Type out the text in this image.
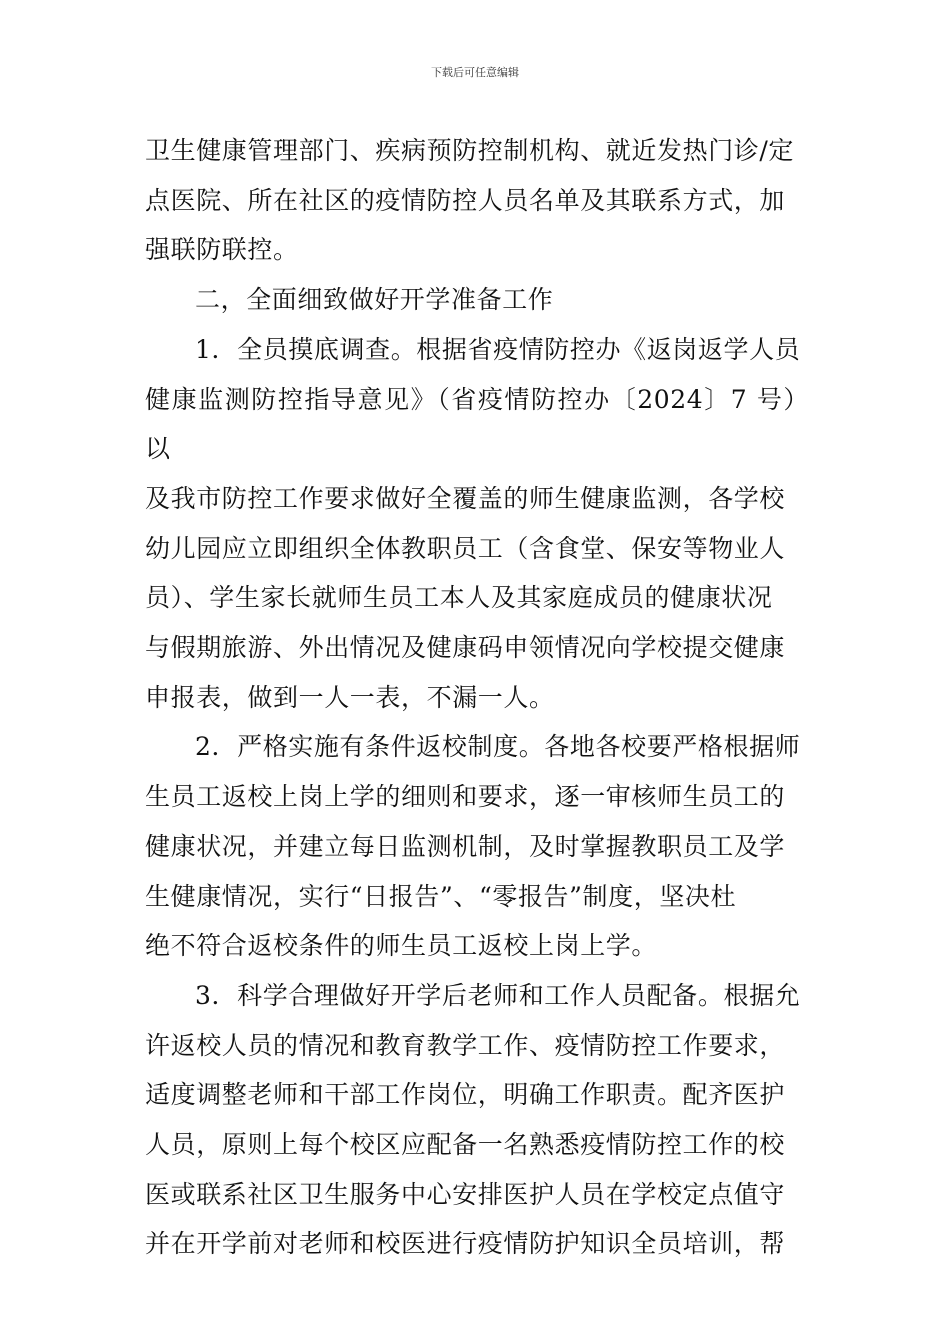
下载后可任意编辑

卫生健康管理部门、疾病预防控制机构、就近发热门诊/定
点医院、所在社区的疫情防控人员名单及其联系方式，加
强联防联控。

二，全面细致做好开学准备工作

1．全员摸底调查。根据省疫情防控办《返岗返学人员
健康监测防控指导意见》（省疫情防控办〔2024〕7 号）以
及我市防控工作要求做好全覆盖的师生健康监测，各学校
幼儿园应立即组织全体教职员工（含食堂、保安等物业人
员）、学生家长就师生员工本人及其家庭成员的健康状况
与假期旅游、外出情况及健康码申领情况向学校提交健康
申报表，做到一人一表，不漏一人。

2．严格实施有条件返校制度。各地各校要严格根据师
生员工返校上岗上学的细则和要求，逐一审核师生员工的
健康状况，并建立每日监测机制，及时掌握教职员工及学
生健康情况，实行“日报告”、“零报告”制度，坚决杜
绝不符合返校条件的师生员工返校上岗上学。

3．科学合理做好开学后老师和工作人员配备。根据允
许返校人员的情况和教育教学工作、疫情防控工作要求，
适度调整老师和干部工作岗位，明确工作职责。配齐医护
人员，原则上每个校区应配备一名熟悉疫情防控工作的校
医或联系社区卫生服务中心安排医护人员在学校定点值守
并在开学前对老师和校医进行疫情防护知识全员培训，帮
